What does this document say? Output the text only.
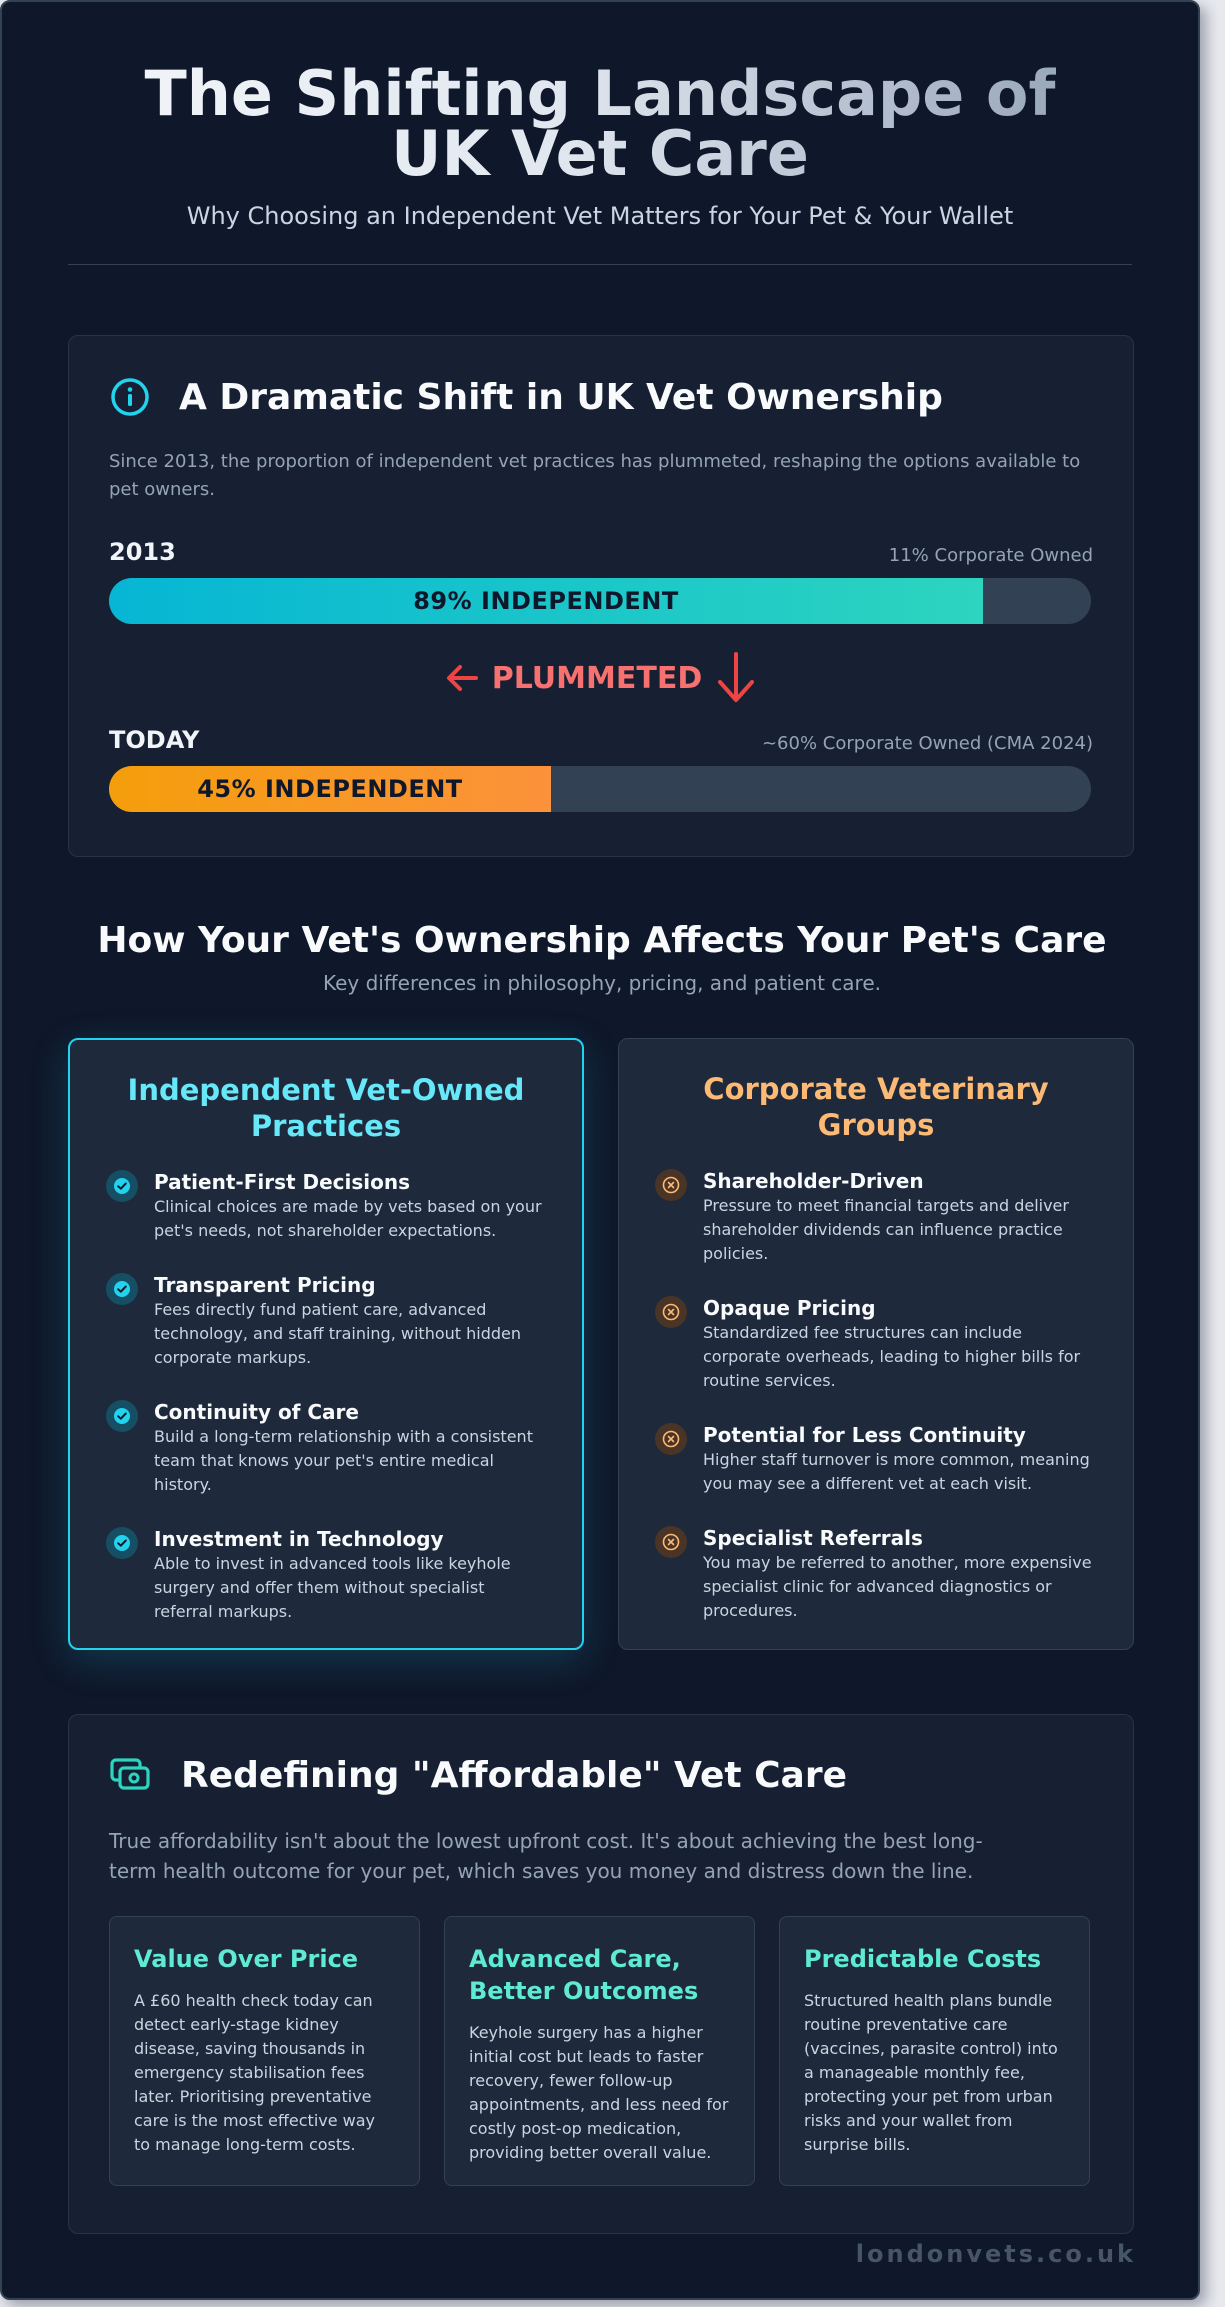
The Shifting Landscape of UK Vet Care
Why Choosing an Independent Vet Matters for Your Pet & Your Wallet
A Dramatic Shift in UK Vet Ownership

Since 2013, the proportion of independent vet practices has plummeted, reshaping the options available to pet owners.

2013	11% Corporate Owned
89% INDEPENDENT
PLUMMETED
TODAY	~60% Corporate Owned (CMA 2024)
45% INDEPENDENT
How Your Vet's Ownership Affects Your Pet's Care

Key differences in philosophy, pricing, and patient care.

Independent Vet-Owned Practices
Patient-First Decisions

Clinical choices are made by vets based on your pet's needs, not shareholder expectations.

Transparent Pricing

Fees directly fund patient care, advanced technology, and staff training, without hidden corporate markups.

Continuity of Care

Build a long-term relationship with a consistent team that knows your pet's entire medical history.

Investment in Technology

Able to invest in advanced tools like keyhole surgery and offer them without specialist referral markups.

Corporate Veterinary Groups
Shareholder-Driven

Pressure to meet financial targets and deliver shareholder dividends can influence practice policies.

Opaque Pricing

Standardized fee structures can include corporate overheads, leading to higher bills for routine services.

Potential for Less Continuity

Higher staff turnover is more common, meaning you may see a different vet at each visit.

Specialist Referrals

You may be referred to another, more expensive specialist clinic for advanced diagnostics or procedures.

Redefining "Affordable" Vet Care

True affordability isn't about the lowest upfront cost. It's about achieving the best long-term health outcome for your pet, which saves you money and distress down the line.

Value Over Price

A £60 health check today can detect early-stage kidney disease, saving thousands in emergency stabilisation fees later. Prioritising preventative care is the most effective way to manage long-term costs.

Advanced Care, Better Outcomes

Keyhole surgery has a higher initial cost but leads to faster recovery, fewer follow-up appointments, and less need for costly post-op medication, providing better overall value.

Predictable Costs

Structured health plans bundle routine preventative care (vaccines, parasite control) into a manageable monthly fee, protecting your pet from urban risks and your wallet from surprise bills.

londonvets.co.uk
